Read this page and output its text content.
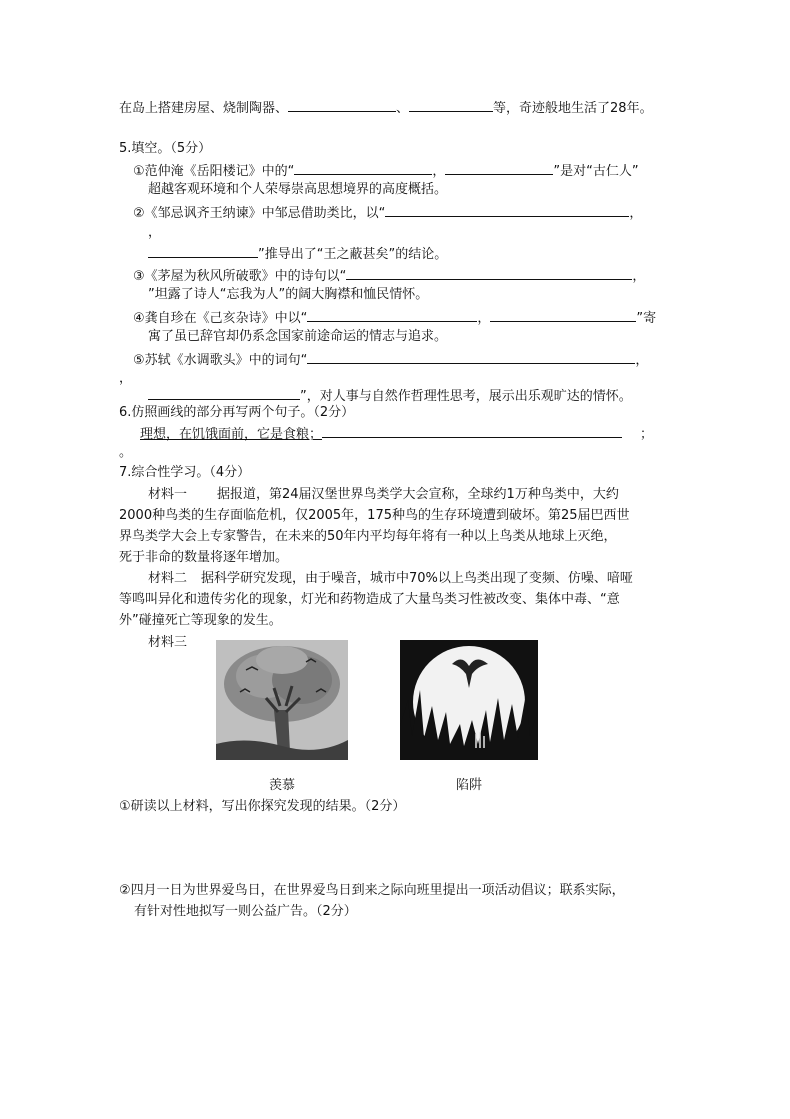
在岛上搭建房屋、烧制陶器、	、	等，奇迹般地生活了28年。
5.填空。（5分）
①范仲淹《岳阳楼记》中的“	，	”是对“古仁人”
超越客观环境和个人荣辱崇高思想境界的高度概括。
②《邹忌讽齐王纳谏》中邹忌借助类比，以“	，
，
”推导出了“王之蔽甚矣”的结论。
③《茅屋为秋风所破歌》中的诗句以“	，
”坦露了诗人“忘我为人”的阔大胸襟和恤民情怀。
④龚自珍在《己亥杂诗》中以“	，	”寄
寓了虽已辞官却仍系念国家前途命运的情志与追求。
⑤苏轼《水调歌头》中的词句“	，
，
”，对人事与自然作哲理性思考，展示出乐观旷达的情怀。
6.仿照画线的部分再写两个句子。（2分）
理想，在饥饿面前，它是食粮；	；
。
7.综合性学习。（4分）
材料一 据报道，第24届汉堡世界鸟类学大会宣称，全球约1万种鸟类中，大约
2000种鸟类的生存面临危机，仅2005年，175种鸟的生存环境遭到破坏。第25届巴西世
界鸟类学大会上专家警告，在未来的50年内平均每年将有一种以上鸟类从地球上灭绝，
死于非命的数量将逐年增加。
材料二 据科学研究发现，由于噪音，城市中70%以上鸟类出现了变频、仿噪、喑哑
等鸣叫异化和遗传劣化的现象，灯光和药物造成了大量鸟类习性被改变、集体中毒、“意
外”碰撞死亡等现象的发生。
材料三
羡慕	陷阱
①研读以上材料，写出你探究发现的结果。（2分）
②四月一日为世界爱鸟日，在世界爱鸟日到来之际向班里提出一项活动倡议；联系实际，
有针对性地拟写一则公益广告。（2分）
